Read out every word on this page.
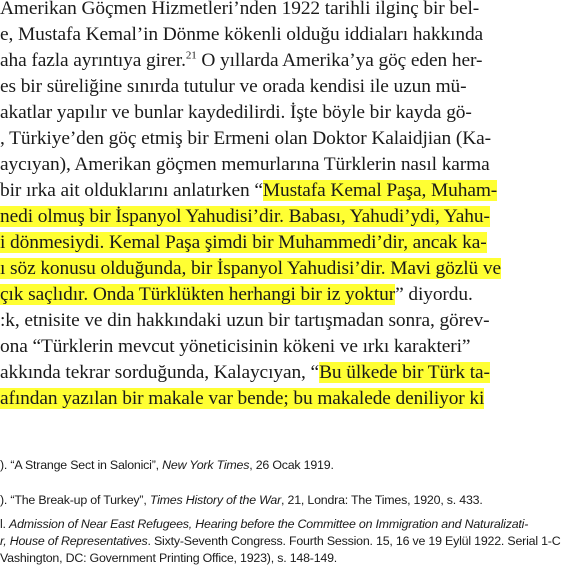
Amerikan Göçmen Hizmetleri’nden 1922 tarihli ilginç bir bel-
e, Mustafa Kemal’in Dönme kökenli olduğu iddiaları hakkında
aha fazla ayrıntıya girer.$^{21}$ O yıllarda Amerika’ya göç eden her-
es bir süreliğine sınırda tutulur ve orada kendisi ile uzun mü-
akatlar yapılır ve bunlar kaydedilirdi. İşte böyle bir kayda gö-
, Türkiye’den göç etmiş bir Ermeni olan Doktor Kalaidjian (Ka-
aycıyan), Amerikan göçmen memurlarına Türklerin nasıl karma
bir ırka ait olduklarını anlatırken “Mustafa Kemal Paşa, Muham-
nedi olmuş bir İspanyol Yahudisi’dir. Babası, Yahudi’ydi, Yahu-
i dönmesiydi. Kemal Paşa şimdi bir Muhammedi’dir, ancak ka-
ı söz konusu olduğunda, bir İspanyol Yahudisi’dir. Mavi gözlü ve
çık saçlıdır. Onda Türklükten herhangi bir iz yoktur” diyordu.
:k, etnisite ve din hakkındaki uzun bir tartışmadan sonra, görev-
ona “Türklerin mevcut yöneticisinin kökeni ve ırkı karakteri”
akkında tekrar sorduğunda, Kalaycıyan, “Bu ülkede bir Türk ta-
afından yazılan bir makale var bende; bu makalede deniliyor ki
). “A Strange Sect in Salonici”, New York Times, 26 Ocak 1919.
). “The Break-up of Turkey”, Times History of the War, 21, Londra: The Times, 1920, s. 433.
l. Admission of Near East Refugees, Hearing before the Committee on Immigration and Naturalizati-
r, House of Representatives. Sixty-Seventh Congress. Fourth Session. 15, 16 ve 19 Eylül 1922. Serial 1-C
Vashington, DC: Government Printing Office, 1923), s. 148-149.
